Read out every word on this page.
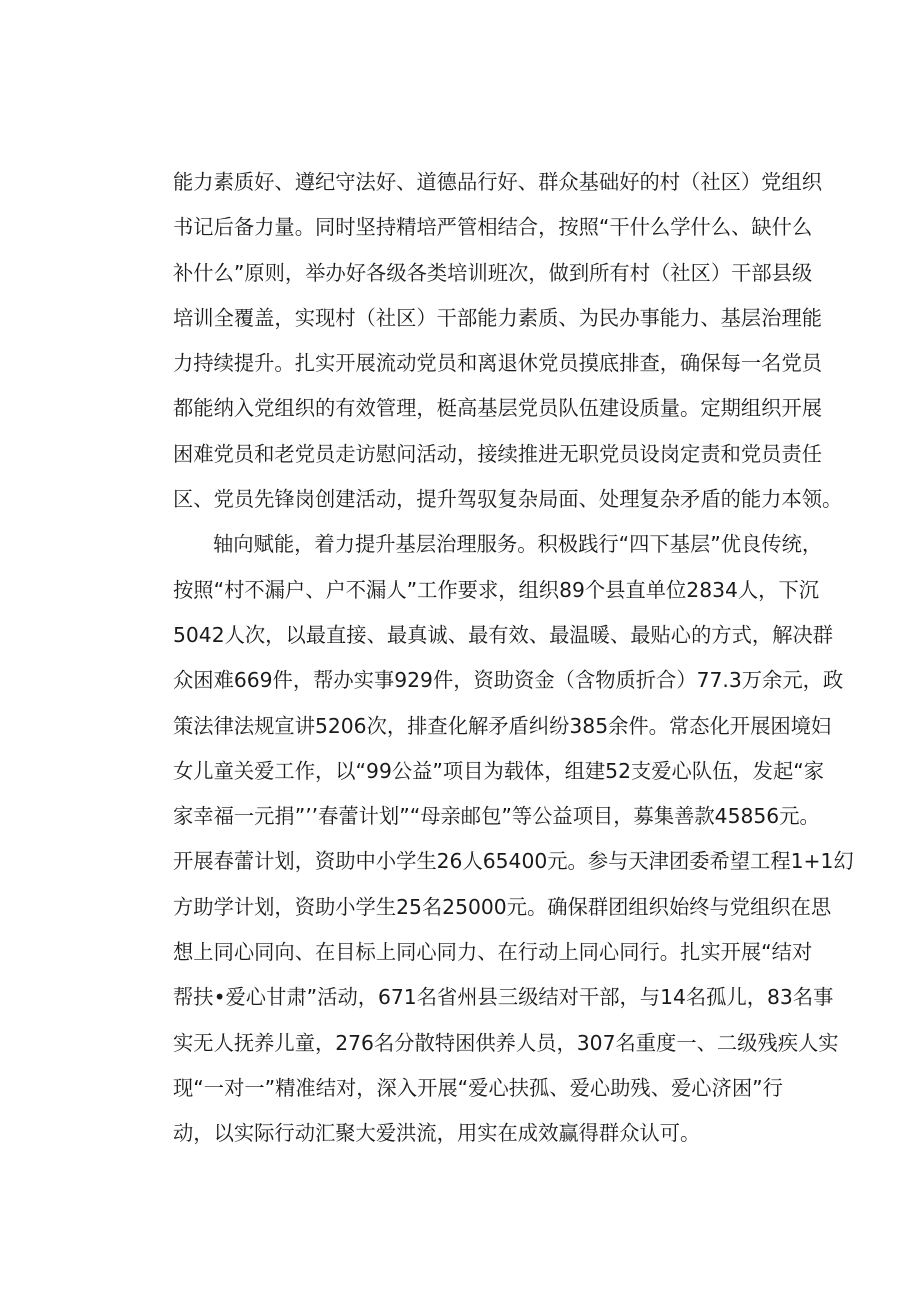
能力素质好、遵纪守法好、道德品行好、群众基础好的村（社区）党组织
书记后备力量。同时坚持精培严管相结合，按照“干什么学什么、缺什么
补什么”原则，举办好各级各类培训班次，做到所有村（社区）干部县级
培训全覆盖，实现村（社区）干部能力素质、为民办事能力、基层治理能
力持续提升。扎实开展流动党员和离退休党员摸底排查，确保每一名党员
都能纳入党组织的有效管理，梃高基层党员队伍建设质量。定期组织开展
困难党员和老党员走访慰问活动，接续推进无职党员设岗定责和党员责任
区、党员先锋岗创建活动，提升驾驭复杂局面、处理复杂矛盾的能力本领。
轴向赋能，着力提升基层治理服务。积极践行“四下基层”优良传统，
按照“村不漏户、户不漏人”工作要求，组织89个县直单位2834人，下沉
5042人次，以最直接、最真诚、最有效、最温暖、最贴心的方式，解决群
众困难669件，帮办实事929件，资助资金（含物质折合）77.3万余元，政
策法律法规宣讲5206次，排查化解矛盾纠纷385余件。常态化开展困境妇
女儿童关爱工作，以“99公益”项目为载体，组建52支爱心队伍，发起“家
家幸福一元捐”’’春蕾计划”“母亲邮包”等公益项目，募集善款45856元。
开展春蕾计划，资助中小学生26人65400元。参与天津团委希望工程1+1幻
方助学计划，资助小学生25名25000元。确保群团组织始终与党组织在思
想上同心同向、在目标上同心同力、在行动上同心同行。扎实开展“结对
帮扶•爱心甘肃”活动，671名省州县三级结对干部，与14名孤儿，83名事
实无人抚养儿童，276名分散特困供养人员，307名重度一、二级残疾人实
现“一对一”精准结对，深入开展“爱心扶孤、爱心助残、爱心济困”行
动，以实际行动汇聚大爱洪流，用实在成效赢得群众认可。
